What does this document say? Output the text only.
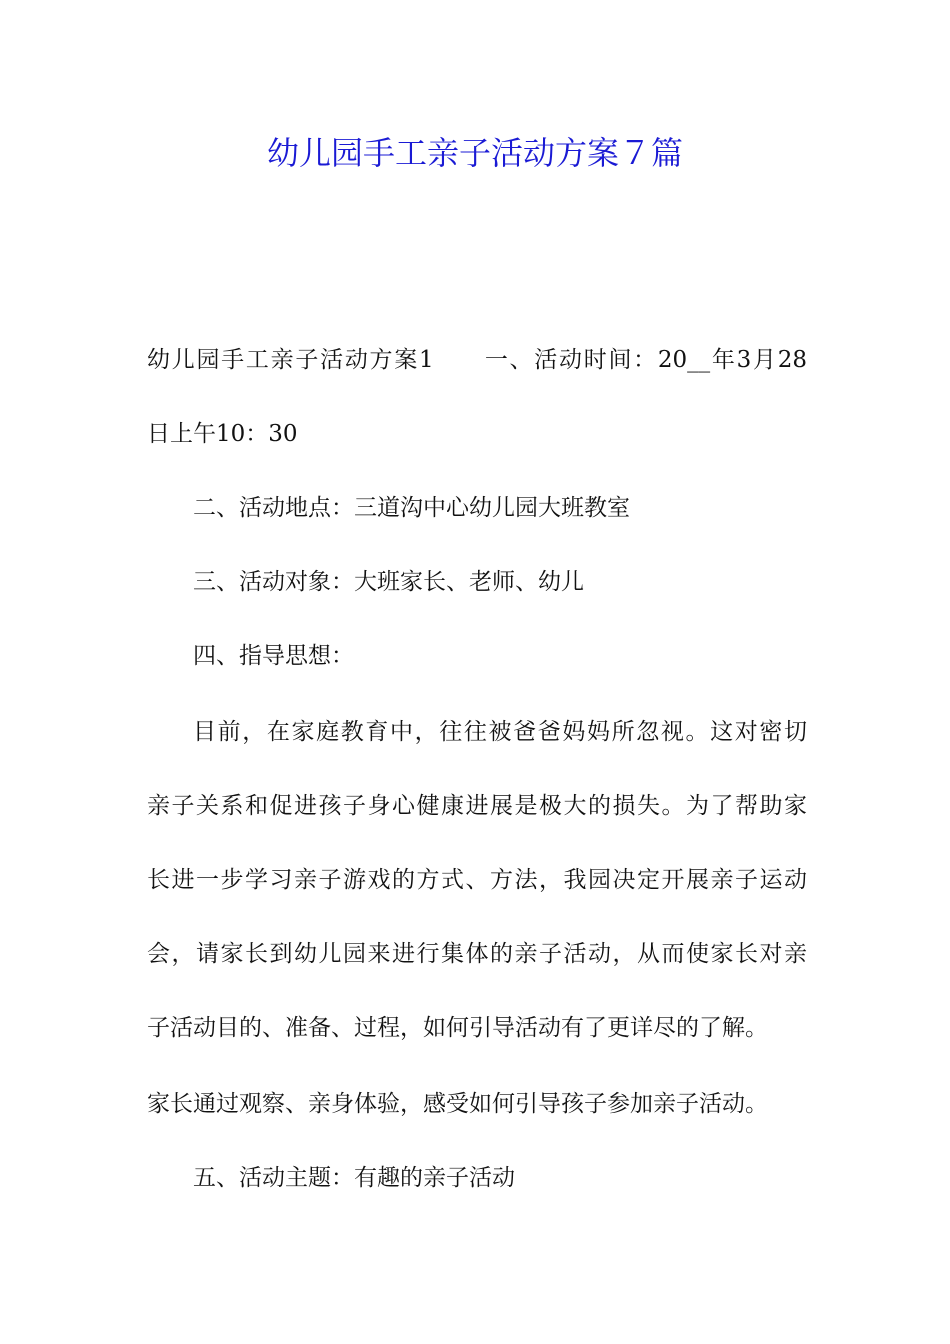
幼儿园手工亲子活动方案７篇
幼儿园手工亲子活动方案1　　一、活动时间：20__年3月28
日上午10：30
二、活动地点：三道沟中心幼儿园大班教室
三、活动对象：大班家长、老师、幼儿
四、指导思想：
目前，在家庭教育中，往往被爸爸妈妈所忽视。这对密切
亲子关系和促进孩子身心健康进展是极大的损失。为了帮助家
长进一步学习亲子游戏的方式、方法，我园决定开展亲子运动
会，请家长到幼儿园来进行集体的亲子活动，从而使家长对亲
子活动目的、准备、过程，如何引导活动有了更详尽的了解。
家长通过观察、亲身体验，感受如何引导孩子参加亲子活动。
五、活动主题：有趣的亲子活动
